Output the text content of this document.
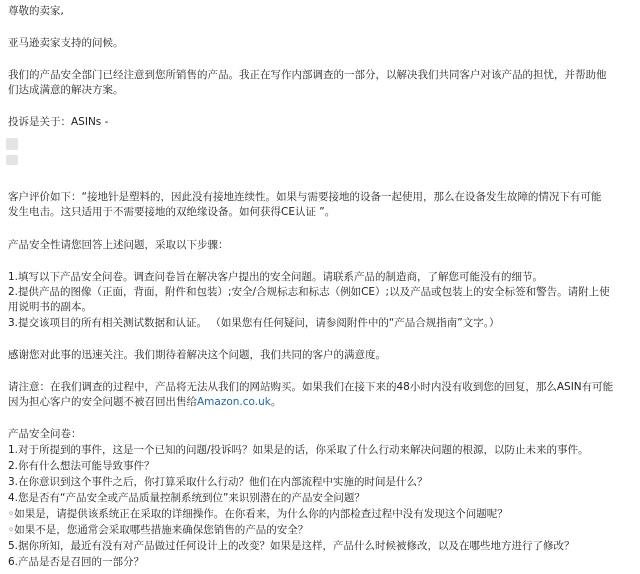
尊敬的卖家,
亚马逊卖家支持的问候。
我们的产品安全部门已经注意到您所销售的产品。我正在写作内部调查的一部分，以解决我们共同客户对该产品的担忧，并帮助他
们达成满意的解决方案。
投诉是关于：ASINs -
客户评价如下：“接地针是塑料的，因此没有接地连续性。如果与需要接地的设备一起使用，那么在设备发生故障的情况下有可能
发生电击。这只适用于不需要接地的双绝缘设备。如何获得CE认证 ”。
产品安全性请您回答上述问题，采取以下步骤：
1.填写以下产品安全问卷。调查问卷旨在解决客户提出的安全问题。请联系产品的制造商，了解您可能没有的细节。
2.提供产品的图像（正面，背面，附件和包装）;安全/合规标志和标志（例如CE）;以及产品或包装上的安全标签和警告。请附上使
用说明书的副本。
3.提交该项目的所有相关测试数据和认证。 （如果您有任何疑问，请参阅附件中的“产品合规指南”文字。）
感谢您对此事的迅速关注。我们期待着解决这个问题，我们共同的客户的满意度。
请注意：在我们调查的过程中，产品将无法从我们的网站购买。如果我们在接下来的48小时内没有收到您的回复，那么ASIN有可能
因为担心客户的安全问题不被召回出售给Amazon.co.uk。
产品安全问卷：
1.对于所提到的事件，这是一个已知的问题/投诉吗？如果是的话，你采取了什么行动来解决问题的根源，以防止未来的事件。
2.你有什么想法可能导致事件？
3.在你意识到这个事件之后，你打算采取什么行动？他们在内部流程中实施的时间是什么？
4.您是否有“产品安全或产品质量控制系统到位”来识别潜在的产品安全问题？
◦如果是，请提供该系统正在采取的详细操作。在你看来，为什么你的内部检查过程中没有发现这个问题呢？
◦如果不是，您通常会采取哪些措施来确保您销售的产品的安全？
5.据你所知，最近有没有对产品做过任何设计上的改变？如果是这样，产品什么时候被修改，以及在哪些地方进行了修改？
6.产品是否是召回的一部分？
